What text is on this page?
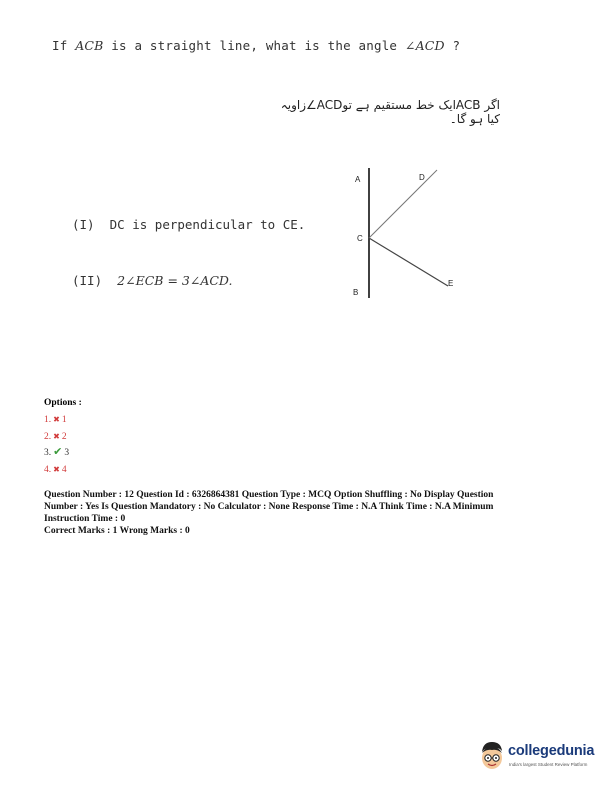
If ACB is a straight line, what is the angle ∠ACD ?
اگر ACBایک خط مستقیم ہے توACD∠زاویہ کیا ہو گا۔
(I) DC is perpendicular to CE.
(II) 2∠ECB = 3∠ACD.
A	D
C
E
B
Options :
1. ✖ 1
2. ✖ 2
3. ✔ 3
4. ✖ 4
Question Number : 12 Question Id : 6326864381 Question Type : MCQ Option Shuffling : No Display Question
Number : Yes Is Question Mandatory : No Calculator : None Response Time : N.A Think Time : N.A Minimum
Instruction Time : 0
Correct Marks : 1 Wrong Marks : 0
collegedunia
India's largest Student Review Platform
